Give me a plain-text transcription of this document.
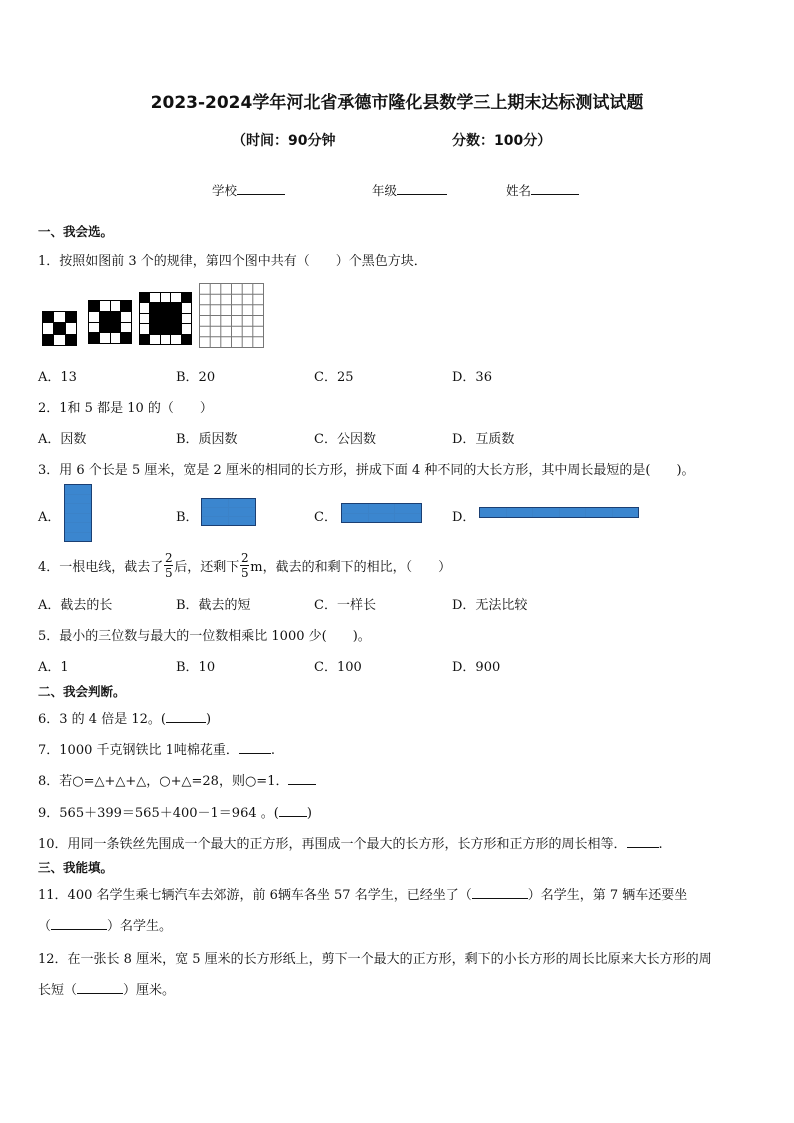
2023-2024学年河北省承德市隆化县数学三上期末达标测试试题
（时间：90分钟	分数：100分）
学校	年级	姓名
一、我会选。
1．按照如图前 3 个的规律，第四个图中共有（　　）个黑色方块．
A．13	B．20	C．25	D．36
2．1和 5 都是 10 的（　　）
A．因数	B．质因数	C．公因数	D．互质数
3．用 6 个长是 5 厘米，宽是 2 厘米的相同的长方形，拼成下面 4 种不同的大长方形，其中周长最短的是(　　)。
A．	B．	C．	D．
4．一根电线，截去了 $\frac{2}{5}$ 后，还剩下 $\frac{2}{5}$ m，截去的和剩下的相比，（　　）
A．截去的长	B．截去的短	C．一样长	D．无法比较
5．最小的三位数与最大的一位数相乘比 1000 少(　　)。
A．1	B．10	C．100	D．900
二、我会判断。
6．3 的 4 倍是 12。(	)
7．1000 千克钢铁比 1吨棉花重． .
8．若○=△+△+△，○+△=28，则○=1．
9．565＋399＝565＋400－1＝964 。( )
10．用同一条铁丝先围成一个最大的正方形，再围成一个最大的长方形，长方形和正方形的周长相等． .
三、我能填。
11．400 名学生乘七辆汽车去郊游，前 6辆车各坐 57 名学生，已经坐了（	）名学生，第 7 辆车还要坐
（	）名学生。
12．在一张长 8 厘米，宽 5 厘米的长方形纸上，剪下一个最大的正方形，剩下的小长方形的周长比原来大长方形的周
长短（	）厘米。
